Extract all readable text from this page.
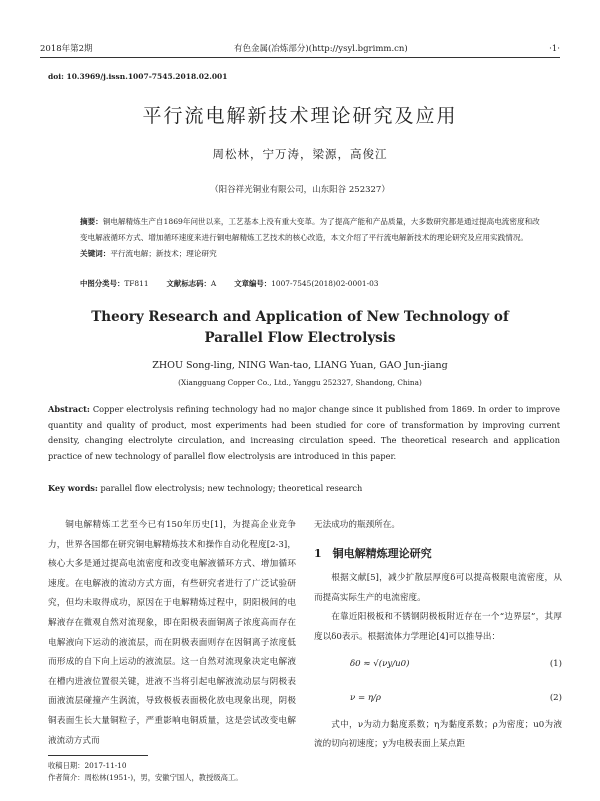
2018年第2期	有色金属(冶炼部分)(http://ysyl.bgrimm.cn)	·1·
doi: 10.3969/j.issn.1007-7545.2018.02.001
平行流电解新技术理论研究及应用
周松林，宁万涛，梁源，高俊江
（阳谷祥光铜业有限公司，山东阳谷 252327）
摘要：铜电解精炼生产自1869年问世以来，工艺基本上没有重大变革。为了提高产能和产品质量，大多数研究都是通过提高电流密度和改变电解液循环方式、增加循环速度来进行铜电解精炼工艺技术的核心改造，本文介绍了平行流电解新技术的理论研究及应用实践情况。
关键词：平行流电解；新技术；理论研究
中图分类号：TF811 文献标志码：A 文章编号：1007-7545(2018)02-0001-03
Theory Research and Application of New Technology of
Parallel Flow Electrolysis
ZHOU Song-ling, NING Wan-tao, LIANG Yuan, GAO Jun-jiang
(Xiangguang Copper Co., Ltd., Yanggu 252327, Shandong, China)
Abstract: Copper electrolysis refining technology had no major change since it published from 1869. In order to improve quantity and quality of product, most experiments had been studied for core of transformation by improving current density, changing electrolyte circulation, and increasing circulation speed. The theoretical research and application practice of new technology of parallel flow electrolysis are introduced in this paper.
Key words: parallel flow electrolysis; new technology; theoretical research

铜电解精炼工艺至今已有150年历史[1]，为提高企业竞争力，世界各国都在研究铜电解精炼技术和操作自动化程度[2-3]，核心大多是通过提高电流密度和改变电解液循环方式、增加循环速度。在电解液的流动方式方面，有些研究者进行了广泛试验研究，但均未取得成功，原因在于电解精炼过程中，阴阳极间的电解液存在微观自然对流现象，即在阳极表面铜离子浓度高而存在电解液向下运动的液流层，而在阴极表面则存在因铜离子浓度低而形成的自下向上运动的液流层。这一自然对流现象决定电解液在槽内进液位置很关键，进液不当将引起电解液流动层与阴极表面液流层碰撞产生涡流，导致极板表面极化放电现象出现，阴极铜表面生长大量铜粒子，严重影响电铜质量，这是尝试改变电解液流动方式而

无法成功的瓶颈所在。
1　铜电解精炼理论研究

根据文献[5]，减少扩散层厚度δ可以提高极限电流密度，从而提高实际生产的电流密度。

在靠近阳极板和不锈钢阴极板附近存在一个“边界层”，其厚度以δ0表示。根据流体力学理论[4]可以推导出：

δ0 ≈ √(νy/u0)	(1)
ν = η/ρ	(2)

式中，ν为动力黏度系数；η为黏度系数；ρ为密度；u0为液流的切向初速度；y为电极表面上某点距

收稿日期：2017-11-10
作者简介：周松林(1951-)，男，安徽宁国人，教授级高工。
